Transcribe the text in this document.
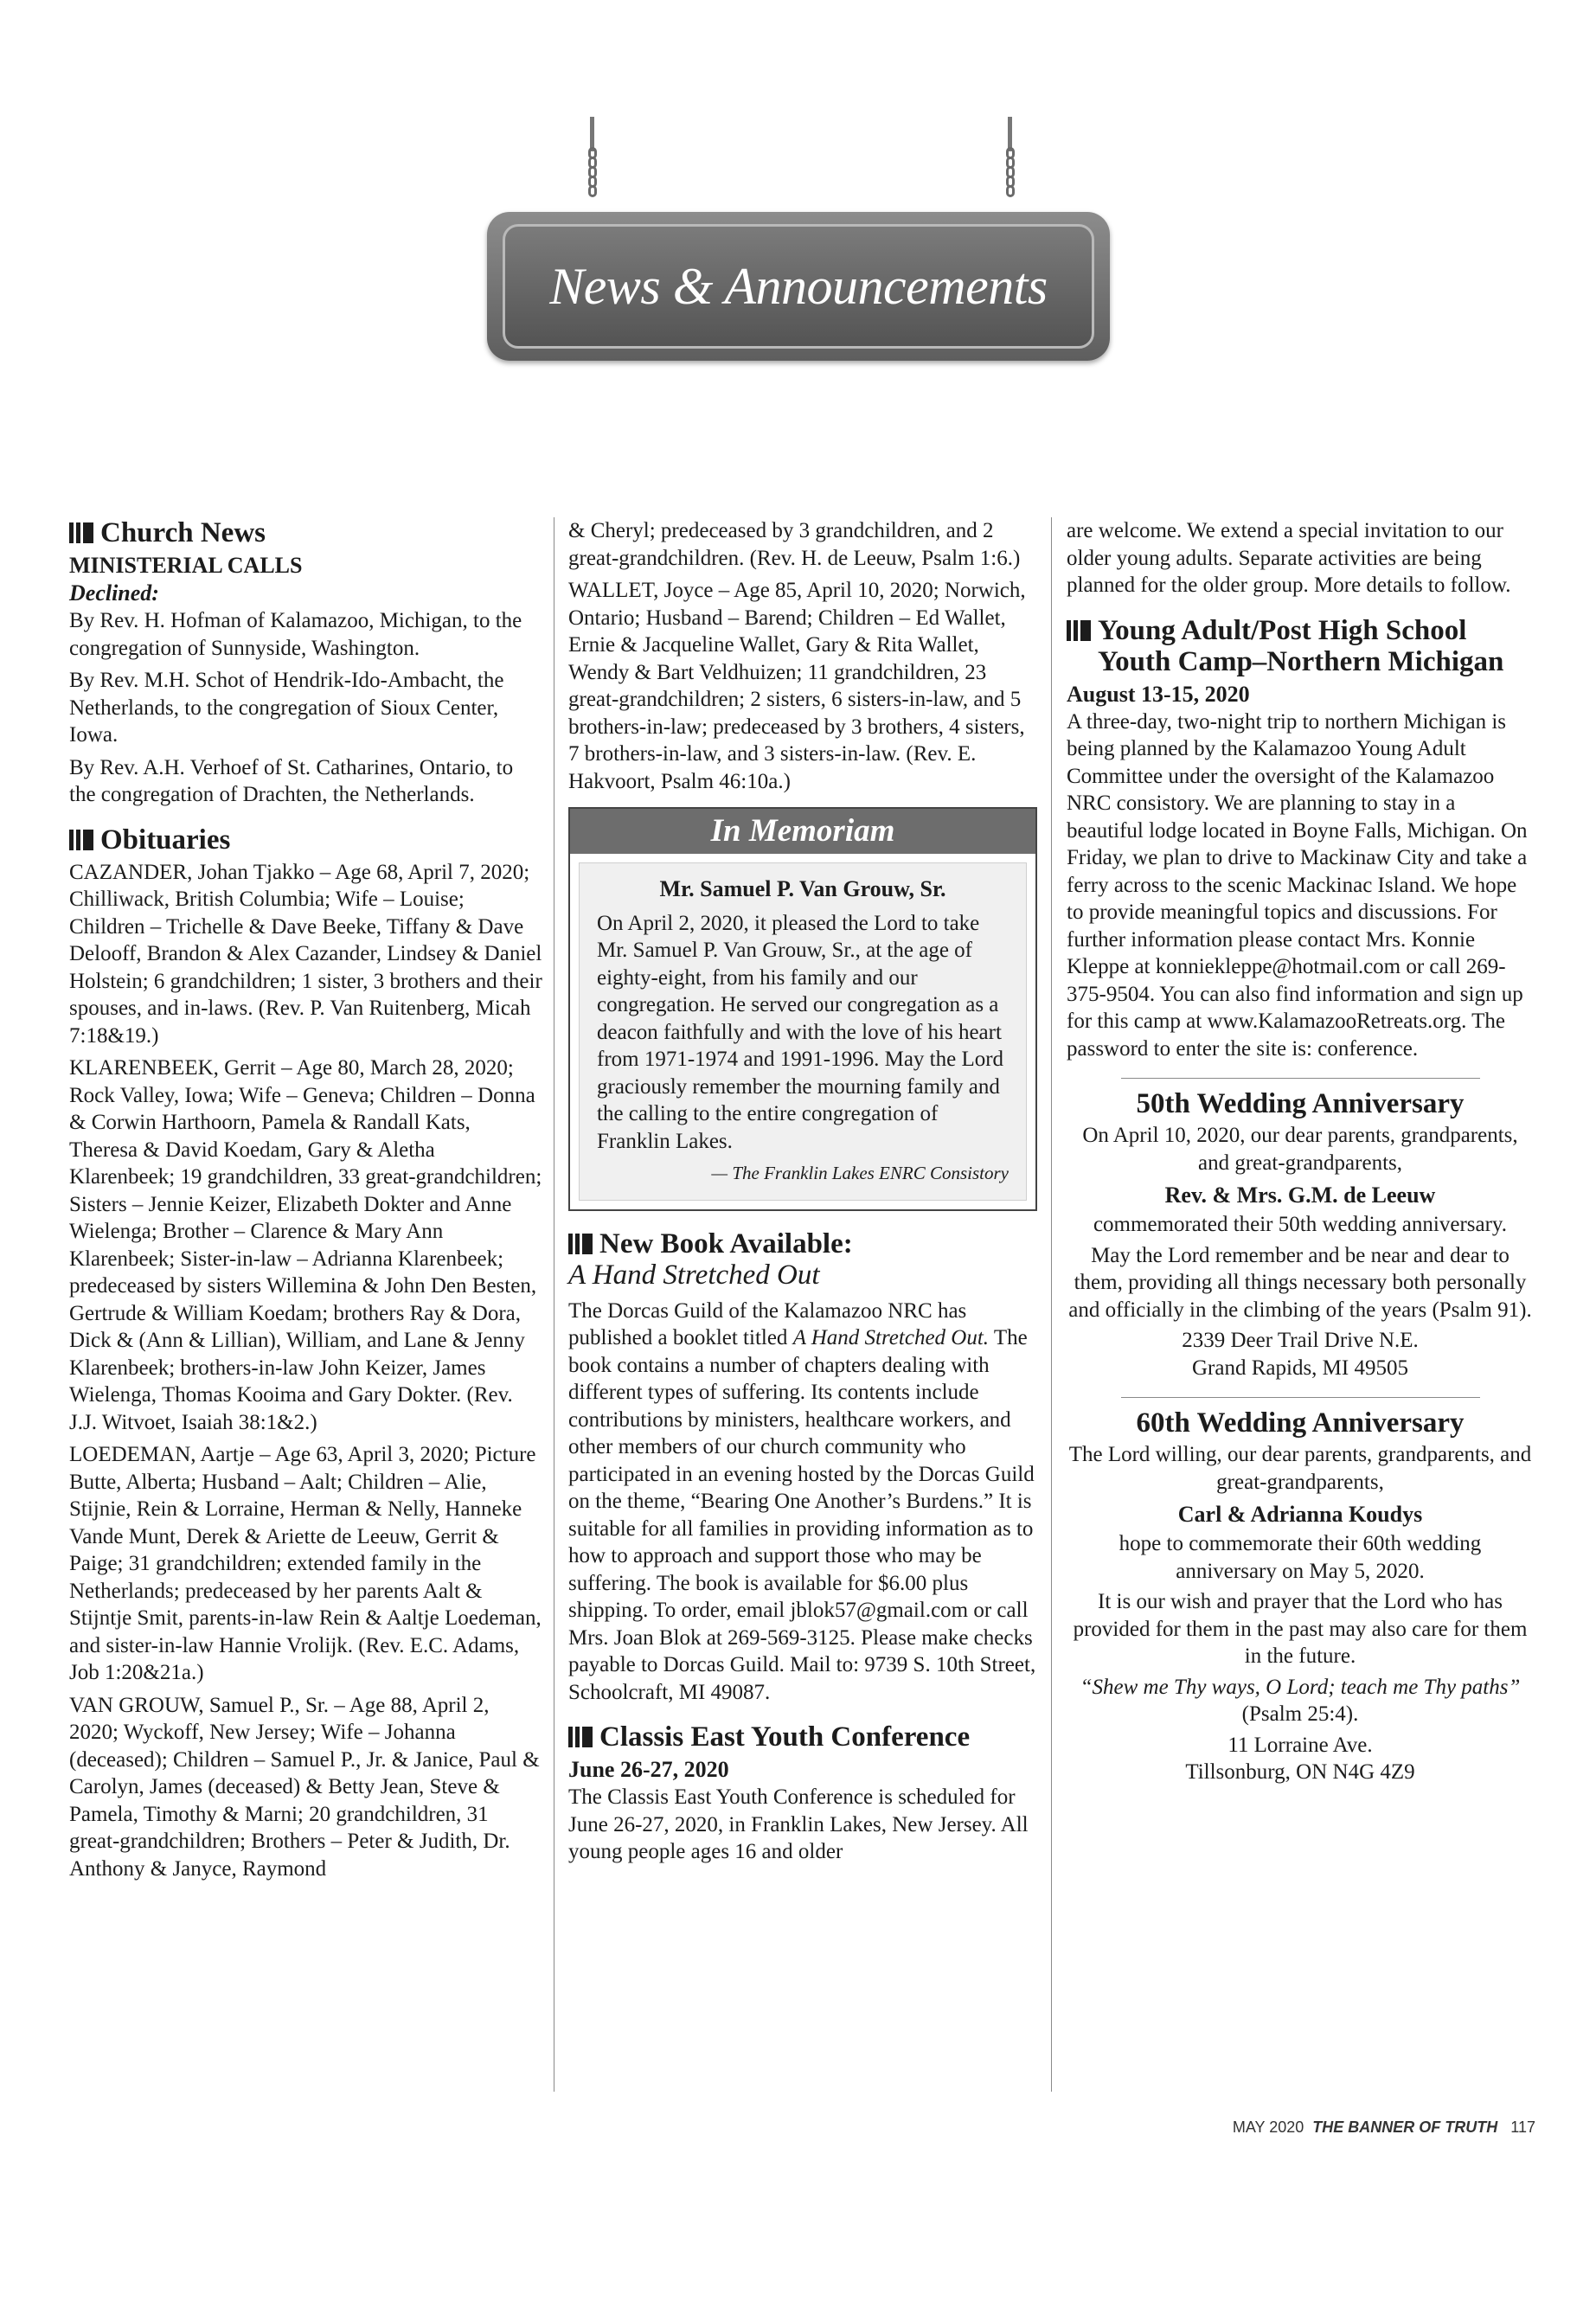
News & Announcements
Church News
MINISTERIAL CALLS
Declined:

By Rev. H. Hofman of Kalamazoo, Michigan, to the congregation of Sunnyside, Washington.

By Rev. M.H. Schot of Hendrik-Ido-Ambacht, the Netherlands, to the congregation of Sioux Center, Iowa.

By Rev. A.H. Verhoef of St. Catharines, Ontario, to the congregation of Drachten, the Netherlands.

Obituaries

CAZANDER, Johan Tjakko – Age 68, April 7, 2020; Chilliwack, British Columbia; Wife – Louise; Children – Trichelle & Dave Beeke, Tiffany & Dave Delooff, Brandon & Alex Cazander, Lindsey & Daniel Holstein; 6 grandchildren; 1 sister, 3 brothers and their spouses, and in-laws. (Rev. P. Van Ruitenberg, Micah 7:18&19.)

KLARENBEEK, Gerrit – Age 80, March 28, 2020; Rock Valley, Iowa; Wife – Geneva; Children – Donna & Corwin Harthoorn, Pamela & Randall Kats, Theresa & David Koedam, Gary & Aletha Klarenbeek; 19 grandchildren, 33 great-grandchildren; Sisters – Jennie Keizer, Elizabeth Dokter and Anne Wielenga; Brother – Clarence & Mary Ann Klarenbeek; Sister-in-law – Adrianna Klarenbeek; predeceased by sisters Willemina & John Den Besten, Gertrude & William Koedam; brothers Ray & Dora, Dick & (Ann & Lillian), William, and Lane & Jenny Klarenbeek; brothers-in-law John Keizer, James Wielenga, Thomas Kooima and Gary Dokter. (Rev. J.J. Witvoet, Isaiah 38:1&2.)

LOEDEMAN, Aartje – Age 63, April 3, 2020; Picture Butte, Alberta; Husband – Aalt; Children – Alie, Stijnie, Rein & Lorraine, Herman & Nelly, Hanneke Vande Munt, Derek & Ariette de Leeuw, Gerrit & Paige; 31 grandchildren; extended family in the Netherlands; predeceased by her parents Aalt & Stijntje Smit, parents-in-law Rein & Aaltje Loedeman, and sister-in-law Hannie Vrolijk. (Rev. E.C. Adams, Job 1:20&21a.)

VAN GROUW, Samuel P., Sr. – Age 88, April 2, 2020; Wyckoff, New Jersey; Wife – Johanna (deceased); Children – Samuel P., Jr. & Janice, Paul & Carolyn, James (deceased) & Betty Jean, Steve & Pamela, Timothy & Marni; 20 grandchildren, 31 great-grandchildren; Brothers – Peter & Judith, Dr. Anthony & Janyce, Raymond

& Cheryl; predeceased by 3 grandchildren, and 2 great-grandchildren. (Rev. H. de Leeuw, Psalm 1:6.)

WALLET, Joyce – Age 85, April 10, 2020; Norwich, Ontario; Husband – Barend; Children – Ed Wallet, Ernie & Jacqueline Wallet, Gary & Rita Wallet, Wendy & Bart Veldhuizen; 11 grandchildren, 23 great-grandchildren; 2 sisters, 6 sisters-in-law, and 5 brothers-in-law; predeceased by 3 brothers, 4 sisters, 7 brothers-in-law, and 3 sisters-in-law. (Rev. E. Hakvoort, Psalm 46:10a.)

In Memoriam
Mr. Samuel P. Van Grouw, Sr.
On April 2, 2020, it pleased the Lord to take Mr. Samuel P. Van Grouw, Sr., at the age of eighty-eight, from his family and our congregation. He served our congregation as a deacon faithfully and with the love of his heart from 1971-1974 and 1991-1996. May the Lord graciously remember the mourning family and the calling to the entire congregation of Franklin Lakes.
— The Franklin Lakes ENRC Consistory
New Book Available:
A Hand Stretched Out

The Dorcas Guild of the Kalamazoo NRC has published a booklet titled A Hand Stretched Out. The book contains a number of chapters dealing with different types of suffering. Its contents include contributions by ministers, healthcare workers, and other members of our church community who participated in an evening hosted by the Dorcas Guild on the theme, “Bearing One Another’s Burdens.” It is suitable for all families in providing information as to how to approach and support those who may be suffering. The book is available for $6.00 plus shipping. To order, email jblok57@gmail.com or call Mrs. Joan Blok at 269-569-3125. Please make checks payable to Dorcas Guild. Mail to: 9739 S. 10th Street, Schoolcraft, MI 49087.

Classis East Youth Conference
June 26-27, 2020

The Classis East Youth Conference is scheduled for June 26-27, 2020, in Franklin Lakes, New Jersey. All young people ages 16 and older

are welcome. We extend a special invitation to our older young adults. Separate activities are being planned for the older group. More details to follow.

Young Adult/Post High School Youth Camp–Northern Michigan
August 13-15, 2020

A three-day, two-night trip to northern Michigan is being planned by the Kalamazoo Young Adult Committee under the oversight of the Kalamazoo NRC consistory. We are planning to stay in a beautiful lodge located in Boyne Falls, Michigan. On Friday, we plan to drive to Mackinaw City and take a ferry across to the scenic Mackinac Island. We hope to provide meaningful topics and discussions. For further information please contact Mrs. Konnie Kleppe at konniekleppe@hotmail.com or call 269-375-9504. You can also find information and sign up for this camp at www.KalamazooRetreats.org. The password to enter the site is: conference.

50th Wedding Anniversary

On April 10, 2020, our dear parents, grandparents, and great-grandparents,

Rev. & Mrs. G.M. de Leeuw

commemorated their 50th wedding anniversary.

May the Lord remember and be near and dear to them, providing all things necessary both personally and officially in the climbing of the years (Psalm 91).

2339 Deer Trail Drive N.E.
Grand Rapids, MI 49505

60th Wedding Anniversary

The Lord willing, our dear parents, grandparents, and great-grandparents,

Carl & Adrianna Koudys

hope to commemorate their 60th wedding anniversary on May 5, 2020.

It is our wish and prayer that the Lord who has provided for them in the past may also care for them in the future.

“Shew me Thy ways, O Lord; teach me Thy paths” (Psalm 25:4).

11 Lorraine Ave.
Tillsonburg, ON N4G 4Z9

MAY 2020 THE BANNER OF TRUTH 117
